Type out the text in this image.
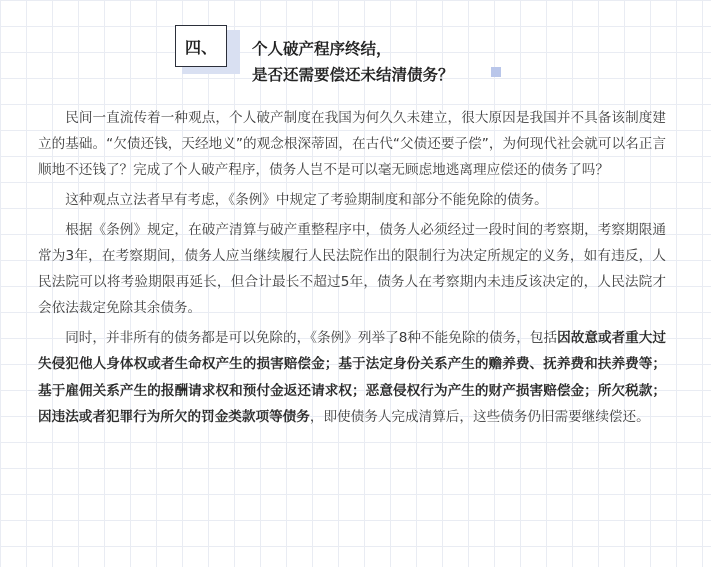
四、 个人破产程序终结，
是否还需要偿还未结清债务？

民间一直流传着一种观点，个人破产制度在我国为何久久未建立，很大原因是我国并不具备该制度建立的基础。“欠债还钱，天经地义”的观念根深蒂固，在古代“父债还要子偿”，为何现代社会就可以名正言顺地不还钱了？完成了个人破产程序，债务人岂不是可以毫无顾虑地逃离理应偿还的债务了吗？

这种观点立法者早有考虑，《条例》中规定了考验期制度和部分不能免除的债务。

根据《条例》规定，在破产清算与破产重整程序中，债务人必须经过一段时间的考察期，考察期限通常为3年，在考察期间，债务人应当继续履行人民法院作出的限制行为决定所规定的义务，如有违反，人民法院可以将考验期限再延长，但合计最长不超过5年，债务人在考察期内未违反该决定的，人民法院才会依法裁定免除其余债务。

同时，并非所有的债务都是可以免除的，《条例》列举了8种不能免除的债务，包括因故意或者重大过失侵犯他人身体权或者生命权产生的损害赔偿金；基于法定身份关系产生的赡养费、抚养费和扶养费等；基于雇佣关系产生的报酬请求权和预付金返还请求权；恶意侵权行为产生的财产损害赔偿金；所欠税款；因违法或者犯罪行为所欠的罚金类款项等债务，即使债务人完成清算后，这些债务仍旧需要继续偿还。
